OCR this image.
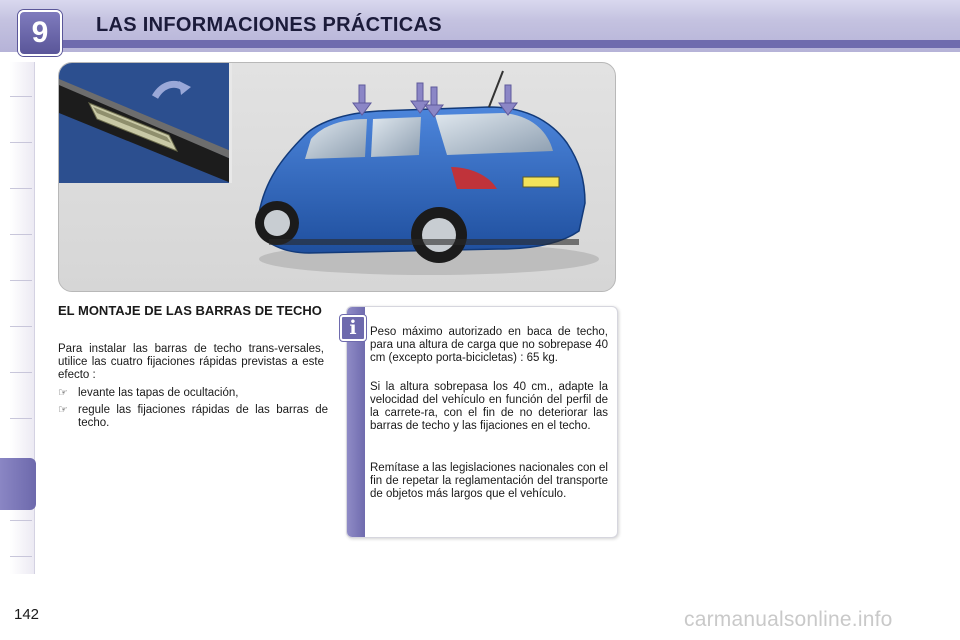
9	LAS INFORMACIONES PRÁCTICAS
EL MONTAJE DE LAS BARRAS DE TECHO

Para instalar las barras de techo trans-versales, utilice las cuatro fijaciones rápidas previstas a este efecto :

☞ levante las tapas de ocultación,
☞ regule las fijaciones rápidas de las barras de techo.
i	Peso máximo autorizado en baca de techo, para una altura de carga que no sobrepase 40 cm (excepto porta-bicicletas) : 65 kg.

Si la altura sobrepasa los 40 cm., adapte la velocidad del vehículo en función del perfil de la carrete-ra, con el fin de no deteriorar las barras de techo y las fijaciones en el techo.

Remítase a las legislaciones nacionales con el fin de repetar la reglamentación del transporte de objetos más largos que el vehículo.

142	carmanualsonline.info
